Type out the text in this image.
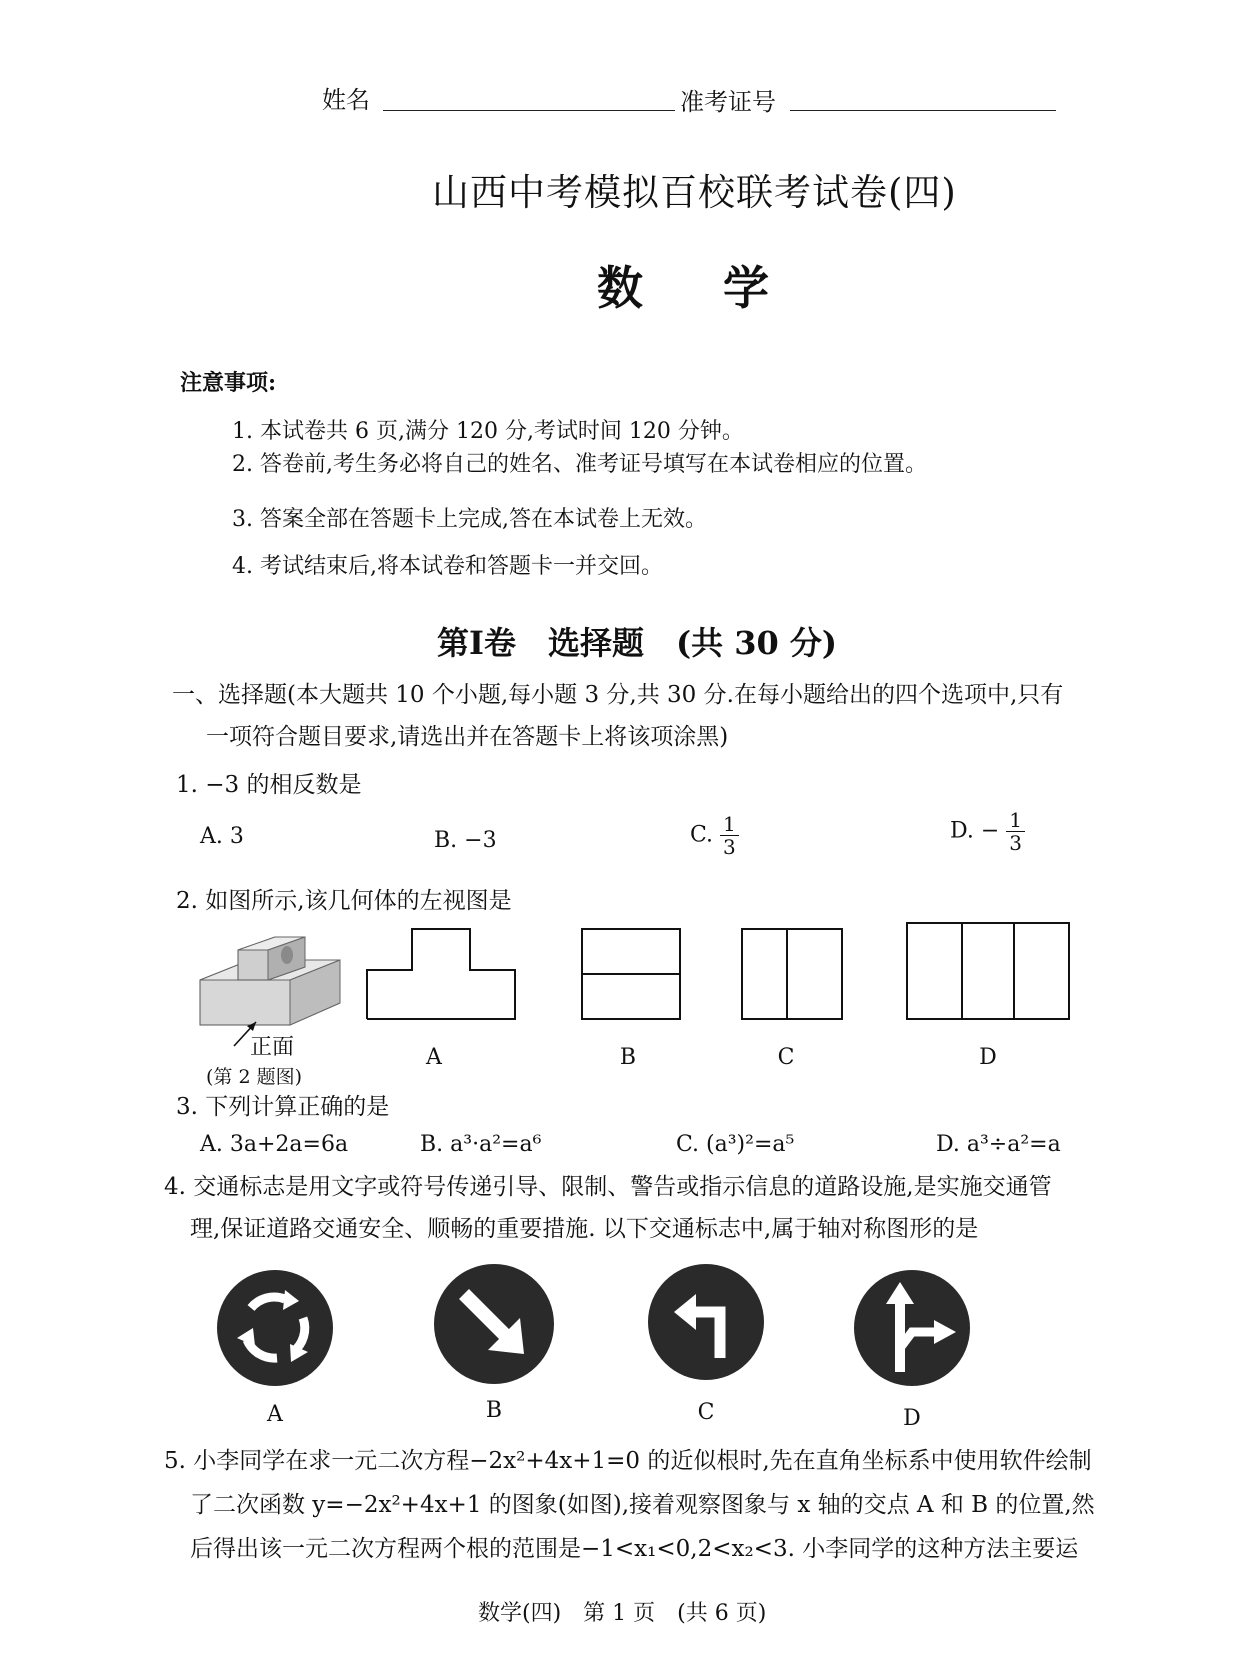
姓名	准考证号
山西中考模拟百校联考试卷(四)
数学
注意事项:
1. 本试卷共 6 页,满分 120 分,考试时间 120 分钟。
2. 答卷前,考生务必将自己的姓名、准考证号填写在本试卷相应的位置。
3. 答案全部在答题卡上完成,答在本试卷上无效。
4. 考试结束后,将本试卷和答题卡一并交回。
第Ⅰ卷　选择题　(共 30 分)
一、选择题(本大题共 10 个小题,每小题 3 分,共 30 分.在每小题给出的四个选项中,只有
一项符合题目要求,请选出并在答题卡上将该项涂黑)
1. −3 的相反数是
A. 3	B. −3	C. $\frac{1}{3}$	D. − $\frac{1}{3}$
2. 如图所示,该几何体的左视图是
正面
(第 2 题图)
A	B	C	D
3. 下列计算正确的是
A. 3a+2a=6a	B. a³·a²=a⁶	C. (a³)²=a⁵	D. a³÷a²=a
4. 交通标志是用文字或符号传递引导、限制、警告或指示信息的道路设施,是实施交通管
理,保证道路交通安全、顺畅的重要措施. 以下交通标志中,属于轴对称图形的是
A	B	C	D
5. 小李同学在求一元二次方程−2x²+4x+1=0 的近似根时,先在直角坐标系中使用软件绘制
了二次函数 y=−2x²+4x+1 的图象(如图),接着观察图象与 x 轴的交点 A 和 B 的位置,然
后得出该一元二次方程两个根的范围是−1<x₁<0,2<x₂<3. 小李同学的这种方法主要运
数学(四)　第 1 页　(共 6 页)
